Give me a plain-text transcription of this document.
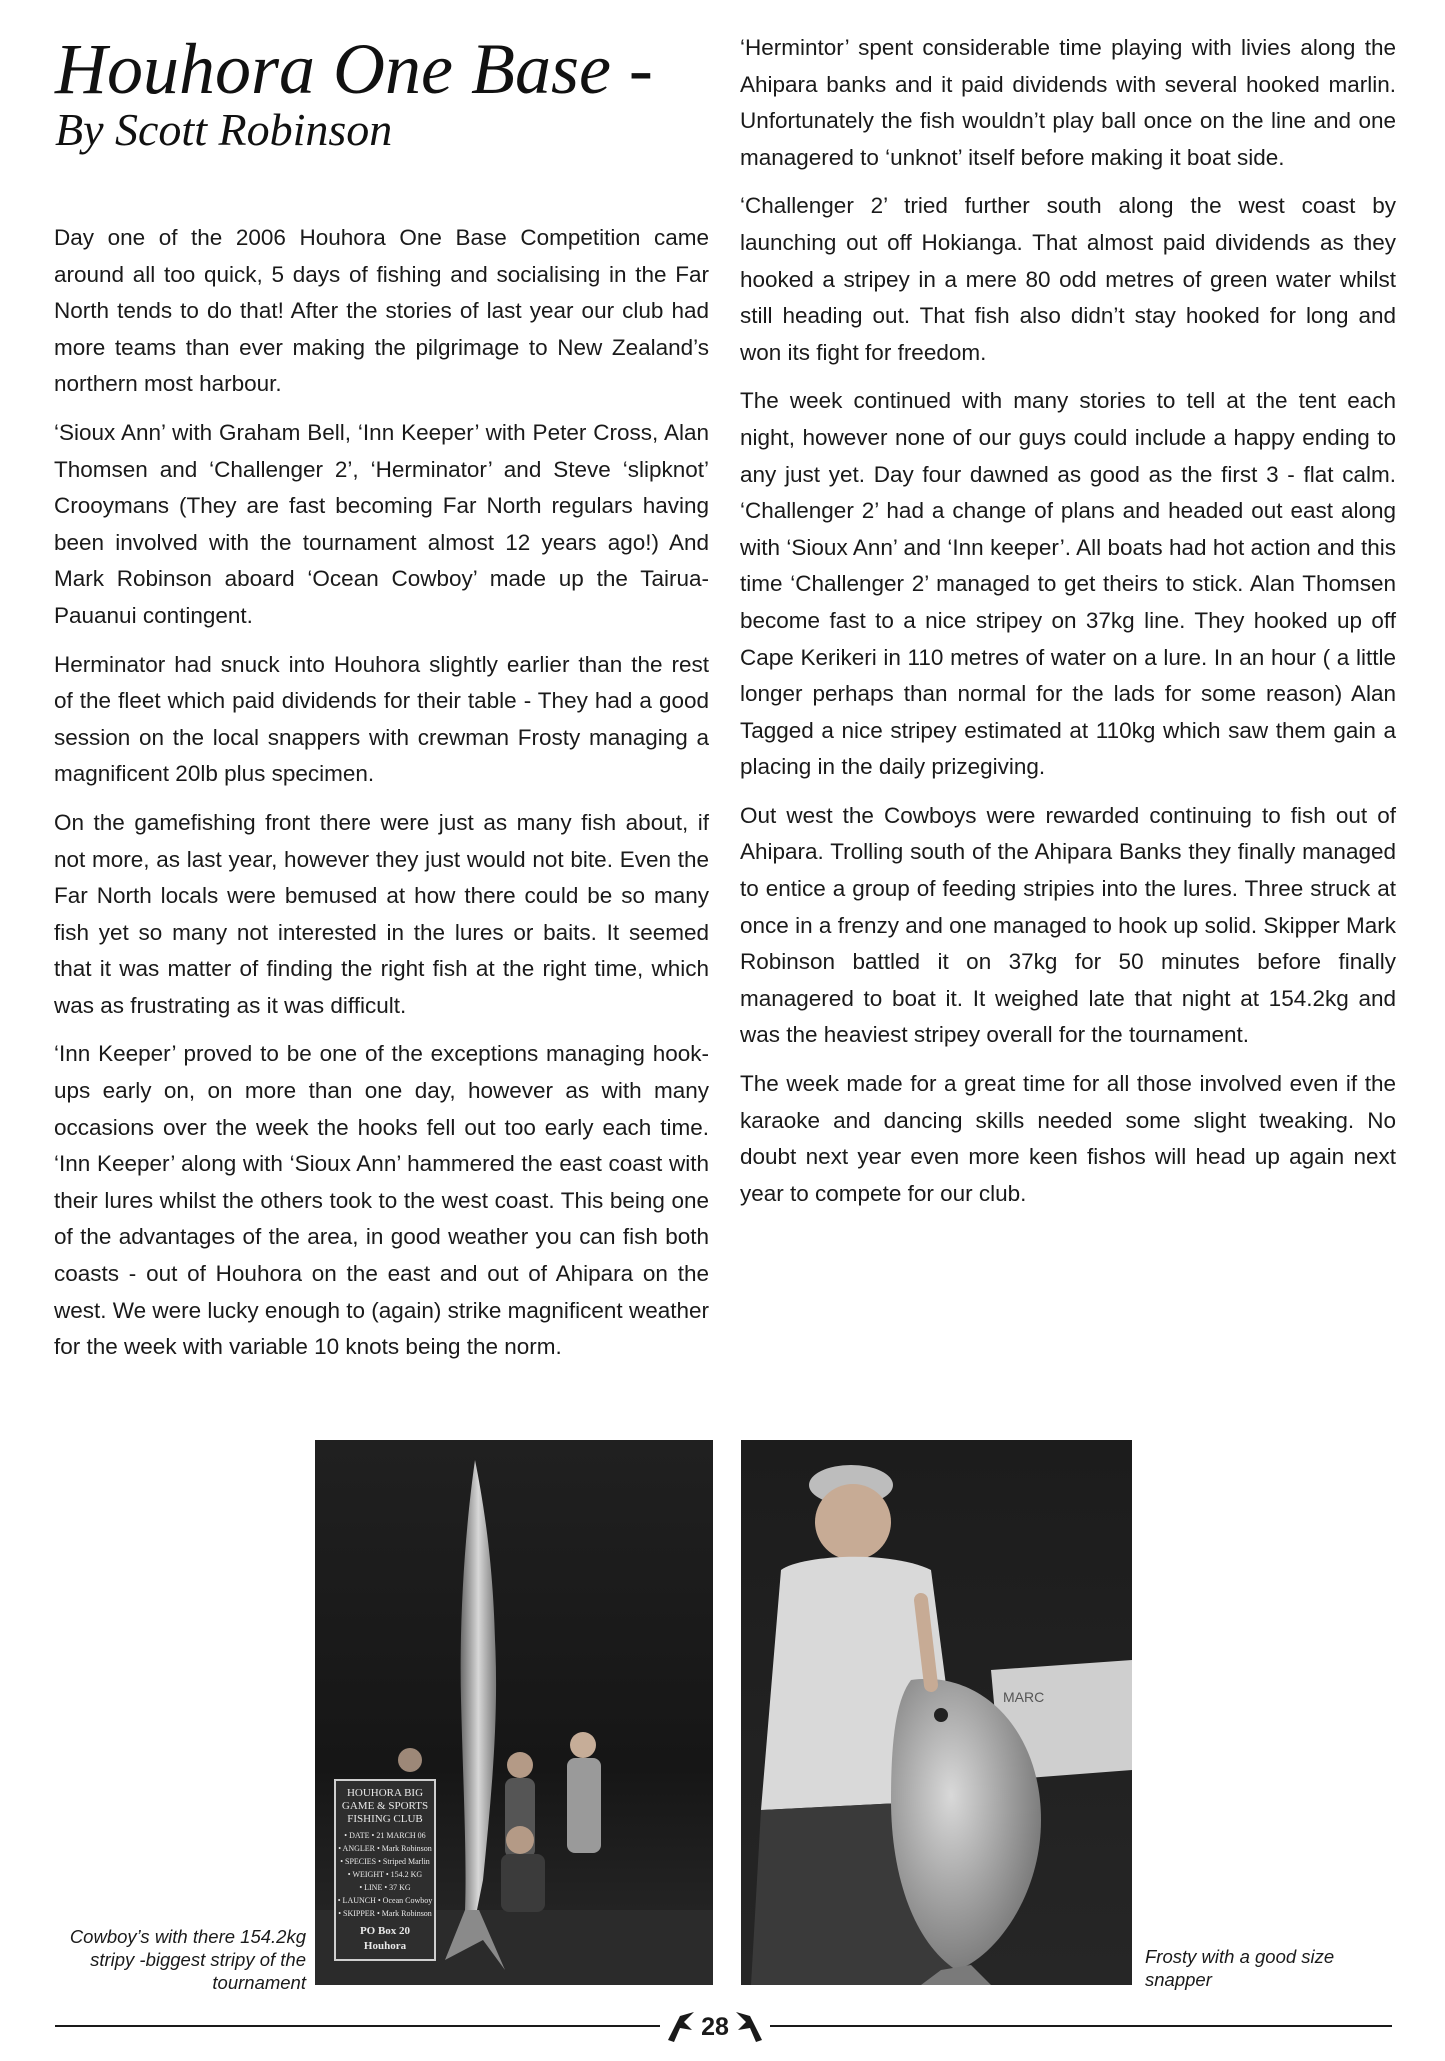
Houhora One Base -
By Scott Robinson

Day one of the 2006 Houhora One Base Competition came around all too quick, 5 days of fishing and socialising in the Far North tends to do that! After the stories of last year our club had more teams than ever making the pilgrimage to New Zealand’s northern most harbour.

‘Sioux Ann’ with Graham Bell, ‘Inn Keeper’ with Peter Cross, Alan Thomsen and ‘Challenger 2’, ‘Herminator’ and Steve ‘slipknot’ Crooymans (They are fast becoming Far North regulars having been involved with the tournament almost 12 years ago!) And Mark Robinson aboard ‘Ocean Cowboy’ made up the Tairua-Pauanui contingent.

Herminator had snuck into Houhora slightly earlier than the rest of the fleet which paid dividends for their table - They had a good session on the local snappers with crewman Frosty managing a magnificent 20lb plus specimen.

On the gamefishing front there were just as many fish about, if not more, as last year, however they just would not bite. Even the Far North locals were bemused at how there could be so many fish yet so many not interested in the lures or baits. It seemed that it was matter of finding the right fish at the right time, which was as frustrating as it was difficult.

‘Inn Keeper’ proved to be one of the exceptions managing hook-ups early on, on more than one day, however as with many occasions over the week the hooks fell out too early each time. ‘Inn Keeper’ along with ‘Sioux Ann’ hammered the east coast with their lures whilst the others took to the west coast. This being one of the advantages of the area, in good weather you can fish both coasts - out of Houhora on the east and out of Ahipara on the west. We were lucky enough to (again) strike magnificent weather for the week with variable 10 knots being the norm.

‘Hermintor’ spent considerable time playing with livies along the Ahipara banks and it paid dividends with several hooked marlin. Unfortunately the fish wouldn’t play ball once on the line and one managered to ‘unknot’ itself before making it boat side.

‘Challenger 2’ tried further south along the west coast by launching out off Hokianga. That almost paid dividends as they hooked a stripey in a mere 80 odd metres of green water whilst still heading out. That fish also didn’t stay hooked for long and won its fight for freedom.

The week continued with many stories to tell at the tent each night, however none of our guys could include a happy ending to any just yet. Day four dawned as good as the first 3 - flat calm. ‘Challenger 2’ had a change of plans and headed out east along with ‘Sioux Ann’ and ‘Inn keeper’. All boats had hot action and this time ‘Challenger 2’ managed to get theirs to stick. Alan Thomsen become fast to a nice stripey on 37kg line. They hooked up off Cape Kerikeri in 110 metres of water on a lure. In an hour ( a little longer perhaps than normal for the lads for some reason) Alan Tagged a nice stripey estimated at 110kg which saw them gain a placing in the daily prizegiving.

Out west the Cowboys were rewarded continuing to fish out of Ahipara. Trolling south of the Ahipara Banks they finally managed to entice a group of feeding stripies into the lures. Three struck at once in a frenzy and one managed to hook up solid. Skipper Mark Robinson battled it on 37kg for 50 minutes before finally managered to boat it. It weighed late that night at 154.2kg and was the heaviest stripey overall for the tournament.

The week made for a great time for all those involved even if the karaoke and dancing skills needed some slight tweaking. No doubt next year even more keen fishos will head up again next year to compete for our club.

HOUHORA BIG
GAME & SPORTS
FISHING CLUB
• DATE • 21 MARCH 06
• ANGLER • Mark Robinson
• SPECIES • Striped Marlin
• WEIGHT • 154.2 KG
• LINE • 37 KG
• LAUNCH • Ocean Cowboy
• SKIPPER • Mark Robinson
PO Box 20
Houhora
MARC
Cowboy’s with there 154.2kg stripy -biggest stripy of the tournament
Frosty with a good size snapper
28
